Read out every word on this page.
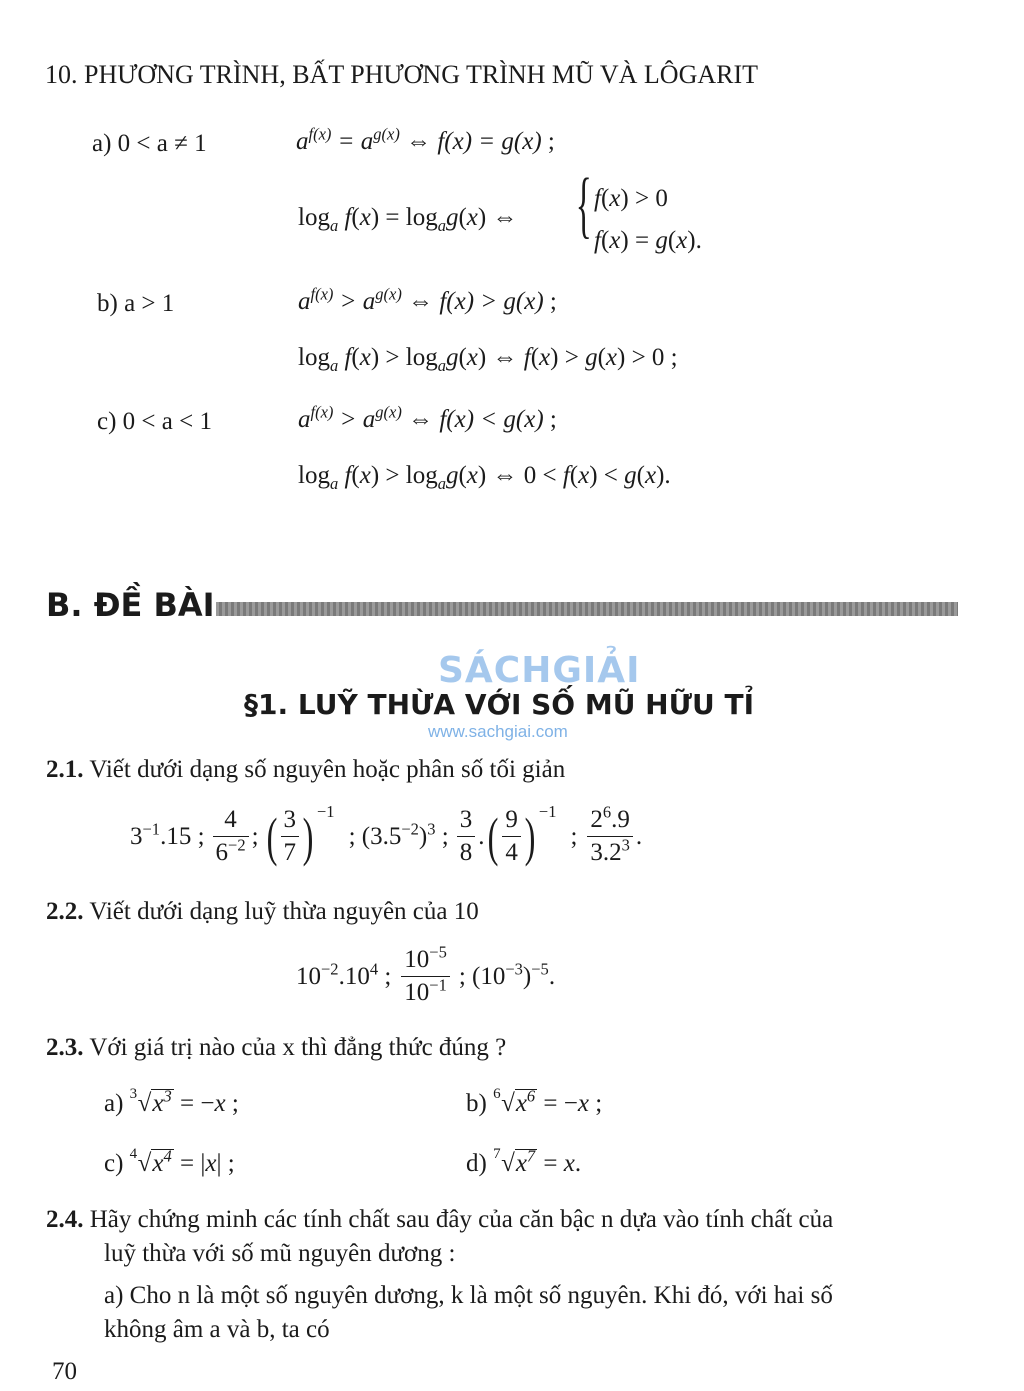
10. PHƯƠNG TRÌNH, BẤT PHƯƠNG TRÌNH MŨ VÀ LÔGARIT
a) 0 < a ≠ 1	$a^{f(x)} = a^{g(x)}$ ⇔ f(x) = g(x) ;
$\log_a f(x) = \log_ag(x)$ ⇔ { f(x) > 0
f(x) = g(x).
b) a > 1	$a^{f(x)} > a^{g(x)}$ ⇔ f(x) > g(x) ;
$\log_a f(x) > \log_ag(x)$ ⇔ f(x) > g(x) > 0 ;
c) 0 < a < 1	$a^{f(x)} > a^{g(x)}$ ⇔ f(x) < g(x) ;
$\log_a f(x) > \log_ag(x)$ ⇔ 0 < f(x) < g(x).
B. ĐỀ BÀI
SÁCHGIẢI
www.sachgiai.com
§1. LUỸ THỪA VỚI SỐ MŨ HỮU TỈ
2.1. Viết dưới dạng số nguyên hoặc phân số tối giản
$3^{-1}.15$ ; $\frac{4}{6^{-2}}$ ; ( $\frac{3}{7}$ ) −1
; $(3.5^{-2})^3$ ; $\frac{3}{8}$ . ( $\frac{9}{4}$ ) −1
; $\frac{2^6.9}{3.2^3}$ .
2.2. Viết dưới dạng luỹ thừa nguyên của 10
$10^{-2}.10^4$ ; $\frac{10^{-5}}{10^{-1}}$ ; $(10^{-3})^{-5}$.
2.3. Với giá trị nào của x thì đẳng thức đúng ?
a) 3 $√x^3 = -x$ ;	b) 6 $√x^6 = -x$ ;
c) 4 $√x^4 = |x|$ ;	d) 7 $√x^7 = x$.
2.4. Hãy chứng minh các tính chất sau đây của căn bậc n dựa vào tính chất của
luỹ thừa với số mũ nguyên dương :
a) Cho n là một số nguyên dương, k là một số nguyên. Khi đó, với hai số
không âm a và b, ta có
70
